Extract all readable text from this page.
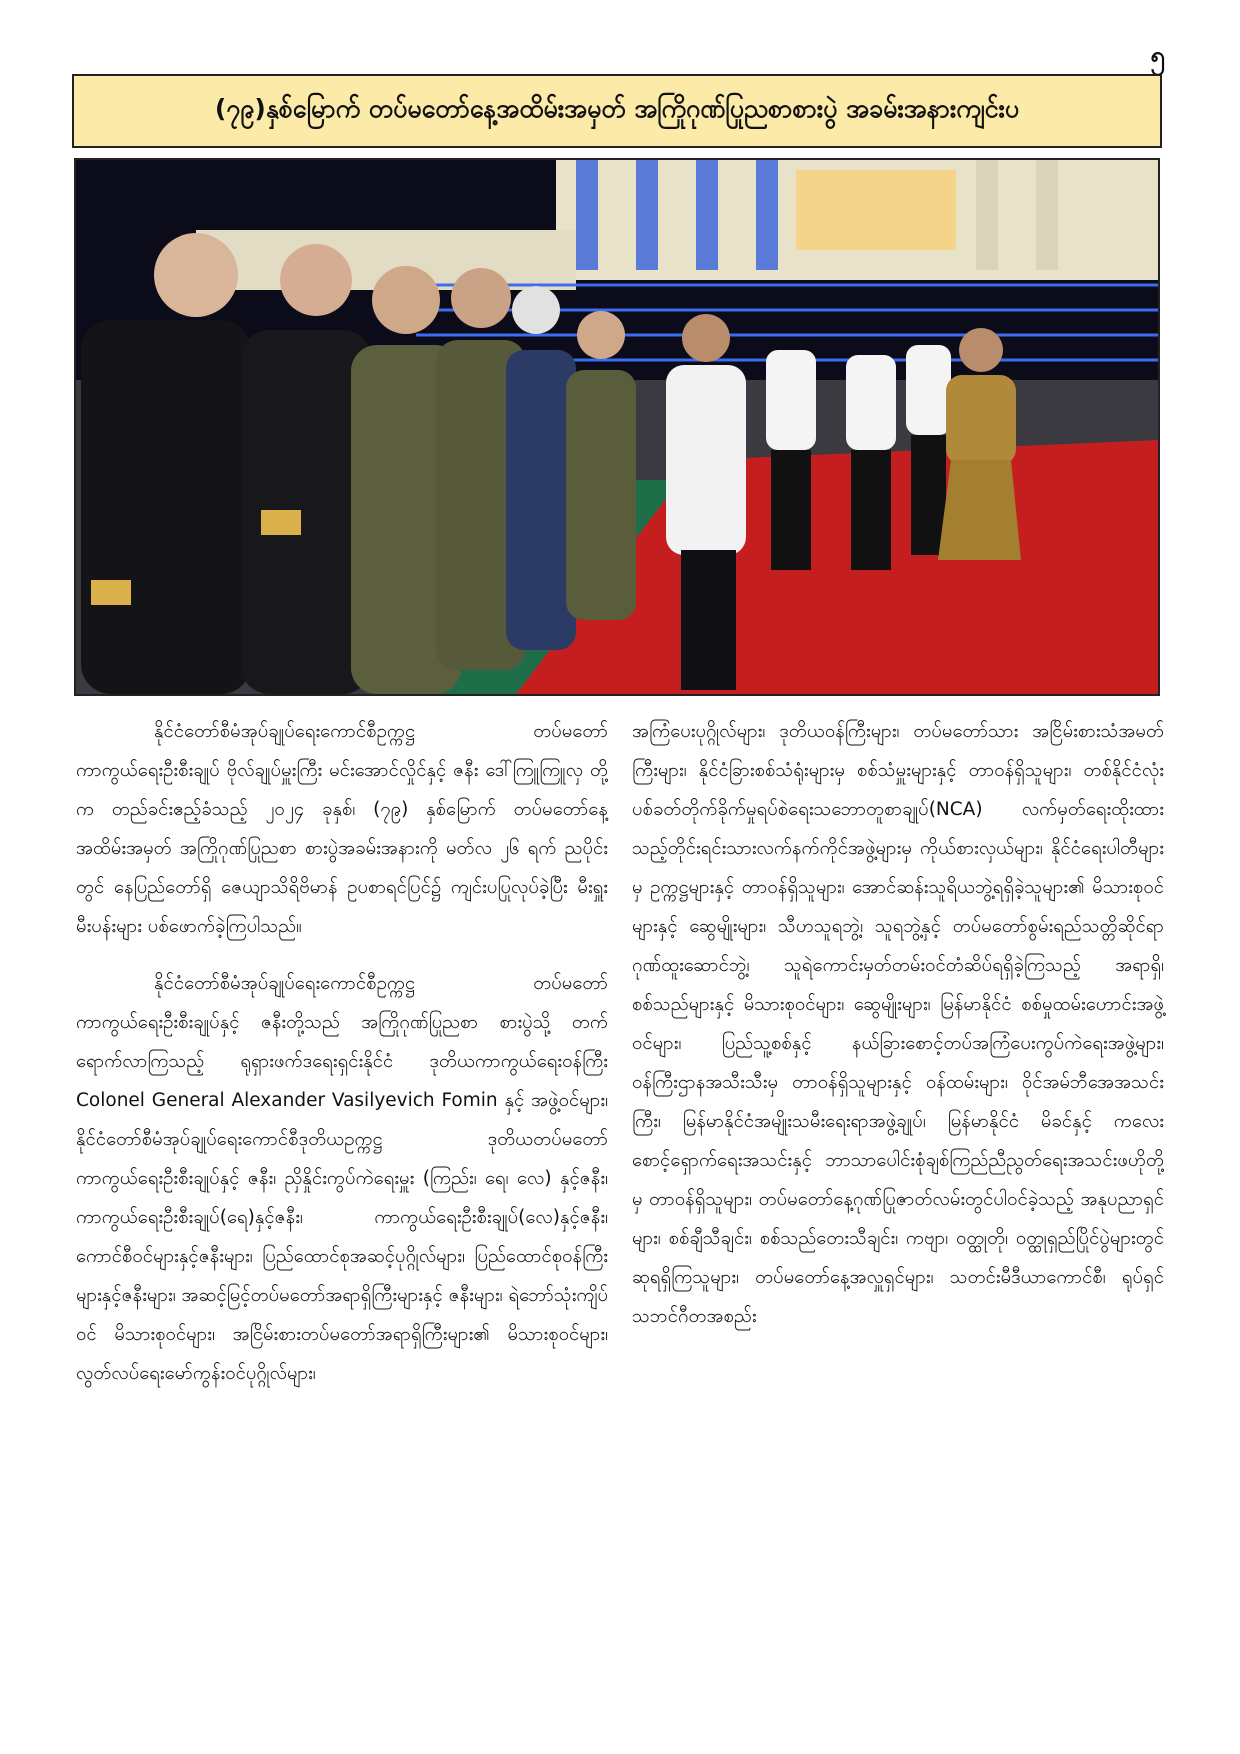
၅
(၇၉)နှစ်မြောက် တပ်မတော်နေ့အထိမ်းအမှတ် အကြိုဂုဏ်ပြုညစာစားပွဲ အခမ်းအနားကျင်းပ

နိုင်ငံတော်စီမံအုပ်ချုပ်ရေးကောင်စီဥက္ကဋ္ဌ တပ်မတော်ကာကွယ်ရေးဦးစီးချုပ် ဗိုလ်ချုပ်မှူးကြီး မင်းအောင်လှိုင်နှင့် ဇနီး ဒေါ်ကြူကြူလှ တို့က တည်ခင်းဧည့်ခံသည့် ၂၀၂၄ ခုနှစ်၊ (၇၉) နှစ်မြောက် တပ်မတော်နေ့အထိမ်းအမှတ် အကြိုဂုဏ်ပြုညစာ စားပွဲအခမ်းအနားကို မတ်လ ၂၆ ရက် ညပိုင်းတွင် နေပြည်တော်ရှိ ဇေယျာသိရိဗိမာန် ဥပစာရင်ပြင်၌ ကျင်းပပြုလုပ်ခဲ့ပြီး မီးရှူးမီးပန်းများ ပစ်ဖောက်ခဲ့ကြပါသည်။

နိုင်ငံတော်စီမံအုပ်ချုပ်ရေးကောင်စီဥက္ကဋ္ဌ တပ်မတော်ကာကွယ်ရေးဦးစီးချုပ်နှင့် ဇနီးတို့သည် အကြိုဂုဏ်ပြုညစာ စားပွဲသို့ တက်ရောက်လာကြသည့် ရုရှားဖက်ဒရေးရှင်းနိုင်ငံ ဒုတိယကာကွယ်ရေးဝန်ကြီး Colonel General Alexander Vasilyevich Fomin နှင့် အဖွဲ့ဝင်များ၊ နိုင်ငံတော်စီမံအုပ်ချုပ်ရေးကောင်စီဒုတိယဥက္ကဋ္ဌ ဒုတိယတပ်မတော်ကာကွယ်ရေးဦးစီးချုပ်နှင့် ဇနီး၊ ညှိနှိုင်းကွပ်ကဲရေးမှူး (ကြည်း၊ ရေ၊ လေ) နှင့်ဇနီး၊ ကာကွယ်ရေးဦးစီးချုပ်(ရေ)နှင့်ဇနီး၊ ကာကွယ်ရေးဦးစီးချုပ်(လေ)နှင့်ဇနီး၊ ကောင်စီဝင်များနှင့်ဇနီးများ၊ ပြည်ထောင်စုအဆင့်ပုဂ္ဂိုလ်များ၊ ပြည်ထောင်စုဝန်ကြီးများနှင့်ဇနီးများ၊ အဆင့်မြင့်တပ်မတော်အရာရှိကြီးများနှင့် ဇနီးများ၊ ရဲဘော်သုံးကျိပ်ဝင် မိသားစုဝင်များ၊ အငြိမ်းစားတပ်မတော်အရာရှိကြီးများ၏ မိသားစုဝင်များ၊ လွတ်လပ်ရေးမော်ကွန်းဝင်ပုဂ္ဂိုလ်များ၊

အကြံပေးပုဂ္ဂိုလ်များ၊ ဒုတိယဝန်ကြီးများ၊ တပ်မတော်သား အငြိမ်းစားသံအမတ်ကြီးများ၊ နိုင်ငံခြားစစ်သံရုံးများမှ စစ်သံမှူးများနှင့် တာဝန်ရှိသူများ၊ တစ်နိုင်ငံလုံးပစ်ခတ်တိုက်ခိုက်မှုရပ်စဲရေးသဘောတူစာချုပ်(NCA) လက်မှတ်ရေးထိုးထားသည့်တိုင်းရင်းသားလက်နက်ကိုင်အဖွဲ့များမှ ကိုယ်စားလှယ်များ၊ နိုင်ငံရေးပါတီများမှ ဥက္ကဋ္ဌများနှင့် တာဝန်ရှိသူများ၊ အောင်ဆန်းသူရိယဘွဲ့ရရှိခဲ့သူများ၏ မိသားစုဝင်များနှင့် ဆွေမျိုးများ၊ သီဟသူရဘွဲ့၊ သူရဘွဲ့နှင့် တပ်မတော်စွမ်းရည်သတ္တိဆိုင်ရာ ဂုဏ်ထူးဆောင်ဘွဲ့၊ သူရဲကောင်းမှတ်တမ်းဝင်တံဆိပ်ရရှိခဲ့ကြသည့် အရာရှိ၊ စစ်သည်များနှင့် မိသားစုဝင်များ၊ ဆွေမျိုးများ၊ မြန်မာနိုင်ငံ စစ်မှုထမ်းဟောင်းအဖွဲ့ဝင်များ၊ ပြည်သူ့စစ်နှင့် နယ်ခြားစောင့်တပ်အကြံပေးကွပ်ကဲရေးအဖွဲ့များ၊ ဝန်ကြီးဌာနအသီးသီးမှ တာဝန်ရှိသူများနှင့် ဝန်ထမ်းများ၊ ဝိုင်အမ်ဘီအေအသင်းကြီး၊ မြန်မာနိုင်ငံအမျိုးသမီးရေးရာအဖွဲ့ချုပ်၊ မြန်မာနိုင်ငံ မိခင်နှင့် ကလေးစောင့်ရှောက်ရေးအသင်းနှင့် ဘာသာပေါင်းစုံချစ်ကြည်ညီညွတ်ရေးအသင်းဖဟိုတို့မှ တာဝန်ရှိသူများ၊ တပ်မတော်နေ့ဂုဏ်ပြုဇာတ်လမ်းတွင်ပါဝင်ခဲ့သည့် အနုပညာရှင်များ၊ စစ်ချီသီချင်း၊ စစ်သည်တေးသီချင်း၊ ကဗျာ၊ ဝတ္ထုတို၊ ဝတ္ထုရှည်ပြိုင်ပွဲများတွင် ဆုရရှိကြသူများ၊ တပ်မတော်နေ့အလှူရှင်များ၊ သတင်းမီဒီယာကောင်စီ၊ ရုပ်ရှင်သဘင်ဂီတအစည်း
